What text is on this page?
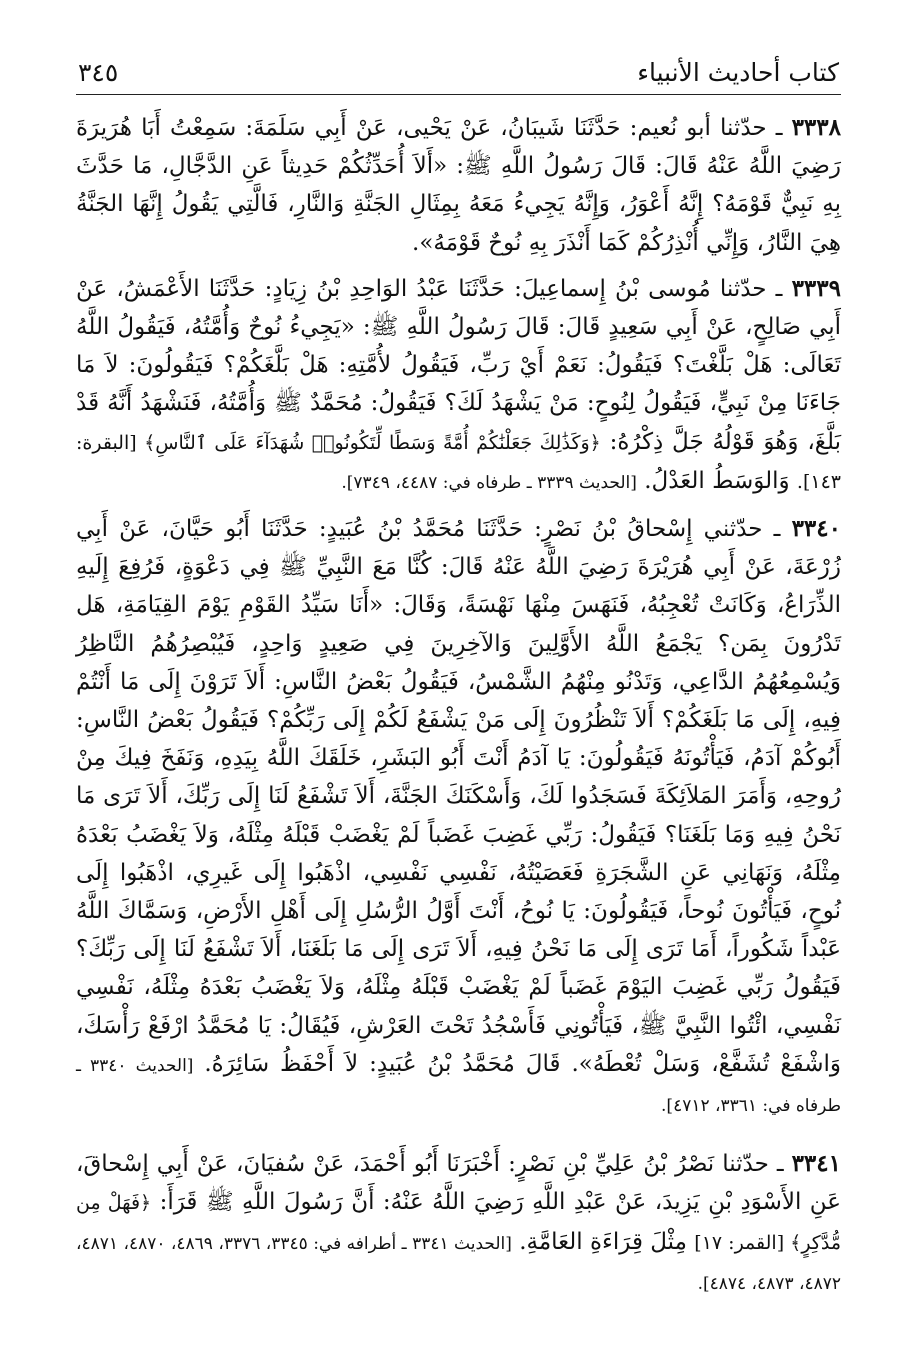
كتاب أحاديث الأنبياء
٣٤٥

٣٣٣٨ ـ حدّثنا أبو نُعيم: حَدَّثَنَا شَيبَانُ، عَنْ يَحْيى، عَنْ أَبِي سَلَمَةَ: سَمِعْتُ أَبَا هُرَيرَةَ رَضِيَ اللَّهُ عَنْهُ قَالَ: قَالَ رَسُولُ اللَّهِ ﷺ: «أَلاَ أُحَدِّثُكُمْ حَدِيثاً عَنِ الدَّجَّالِ، مَا حَدَّثَ بِهِ نَبِيٌّ قَوْمَهُ؟ إِنَّهُ أَعْوَرُ، وَإِنَّهُ يَجِيءُ مَعَهُ بِمِثَالِ الجَنَّةِ وَالنَّارِ، فَالَّتِي يَقُولُ إِنَّهَا الجَنَّةُ هِيَ النَّارُ، وَإِنِّي أُنْذِرُكُمْ كَمَا أَنْذَرَ بِهِ نُوحٌ قَوْمَهُ».

٣٣٣٩ ـ حدّثنا مُوسى بْنُ إِسماعِيلَ: حَدَّثَنَا عَبْدُ الوَاحِدِ بْنُ زِيَادٍ: حَدَّثَنَا الأَعْمَشُ، عَنْ أَبِي صَالِحٍ، عَنْ أَبِي سَعِيدٍ قَالَ: قَالَ رَسُولُ اللَّهِ ﷺ: «يَجِيءُ نُوحٌ وَأُمَّتُهُ، فَيَقُولُ اللَّهُ تَعَالَى: هَلْ بَلَّغْتَ؟ فَيَقُولُ: نَعَمْ أَيْ رَبِّ، فَيَقُولُ لأُمَّتِهِ: هَلْ بَلَّغَكُمْ؟ فَيَقُولُونَ: لاَ مَا جَاءَنَا مِنْ نَبِيٍّ، فَيَقُولُ لِنُوحٍ: مَنْ يَشْهَدُ لَكَ؟ فَيَقُولُ: مُحَمَّدٌ ﷺ وَأُمَّتُهُ، فَنَشْهَدُ أَنَّهُ قَدْ بَلَّغَ، وَهُوَ قَوْلُهُ جَلَّ ذِكْرُهُ: ﴿وَكَذَٰلِكَ جَعَلْنَٰكُمْ أُمَّةً وَسَطًا لِّتَكُونُوا۟ شُهَدَآءَ عَلَى ٱلنَّاسِ﴾ [البقرة: ١٤٣]. وَالوَسَطُ العَدْلُ. [الحديث ٣٣٣٩ ـ طرفاه في: ٤٤٨٧، ٧٣٤٩].

٣٣٤٠ ـ حدّثني إِسْحاقُ بْنُ نَصْرٍ: حَدَّثَنَا مُحَمَّدُ بْنُ عُبَيدٍ: حَدَّثَنَا أَبُو حَيَّانَ، عَنْ أَبِي زُرْعَةَ، عَنْ أَبِي هُرَيْرَةَ رَضِيَ اللَّهُ عَنْهُ قَالَ: كُنَّا مَعَ النَّبِيِّ ﷺ فِي دَعْوَةٍ، فَرُفِعَ إِلَيهِ الذِّرَاعُ، وَكَانَتْ تُعْجِبُهُ، فَنَهَسَ مِنْهَا نَهْسَةً، وَقَالَ: «أَنَا سَيِّدُ القَوْمِ يَوْمَ القِيَامَةِ، هَل تَدْرُونَ بِمَن؟ يَجْمَعُ اللَّهُ الأَوَّلِينَ وَالآخِرِينَ فِي صَعِيدٍ وَاحِدٍ، فَيُبْصِرُهُمُ النَّاظِرُ وَيُسْمِعُهُمُ الدَّاعِي، وَتَدْنُو مِنْهُمُ الشَّمْسُ، فَيَقُولُ بَعْضُ النَّاسِ: أَلاَ تَرَوْنَ إِلَى مَا أَنْتُمْ فِيهِ، إِلَى مَا بَلَغَكُمْ؟ أَلاَ تَنْظُرُونَ إِلَى مَنْ يَشْفَعُ لَكُمْ إِلَى رَبِّكُمْ؟ فَيَقُولُ بَعْضُ النَّاسِ: أَبُوكُمْ آدَمُ، فَيَأْتُونَهُ فَيَقُولُونَ: يَا آدَمُ أَنْتَ أَبُو البَشَرِ، خَلَقَكَ اللَّهُ بِيَدِهِ، وَنَفَخَ فِيكَ مِنْ رُوحِهِ، وَأَمَرَ المَلاَئِكَةَ فَسَجَدُوا لَكَ، وَأَسْكَنَكَ الجَنَّةَ، أَلاَ تَشْفَعُ لَنَا إِلَى رَبِّكَ، أَلاَ تَرَى مَا نَحْنُ فِيهِ وَمَا بَلَغَنَا؟ فَيَقُولُ: رَبِّي غَضِبَ غَضَباً لَمْ يَغْضَبْ قَبْلَهُ مِثْلَهُ، وَلاَ يَغْضَبُ بَعْدَهُ مِثْلَهُ، وَنَهَانِي عَنِ الشَّجَرَةِ فَعَصَيْتُهُ، نَفْسِي نَفْسِي، اذْهَبُوا إِلَى غَيرِي، اذْهَبُوا إِلَى نُوحٍ، فَيَأْتُونَ نُوحاً، فَيَقُولُونَ: يَا نُوحُ، أَنْتَ أَوَّلُ الرُّسُلِ إِلَى أَهْلِ الأَرْضِ، وَسَمَّاكَ اللَّهُ عَبْداً شَكُوراً، أَمَا تَرَى إِلَى مَا نَحْنُ فِيهِ، أَلاَ تَرَى إِلَى مَا بَلَغَنَا، أَلاَ تَشْفَعُ لَنَا إِلَى رَبِّكَ؟ فَيَقُولُ رَبِّي غَضِبَ اليَوْمَ غَضَباً لَمْ يَغْضَبْ قَبْلَهُ مِثْلَهُ، وَلاَ يَغْضَبُ بَعْدَهُ مِثْلَهُ، نَفْسِي نَفْسِي، ائْتُوا النَّبِيَّ ﷺ، فَيَأْتُونِي فَأَسْجُدُ تَحْتَ العَرْشِ، فَيُقَالُ: يَا مُحَمَّدُ ارْفَعْ رَأْسَكَ، وَاشْفَعْ تُشَفَّعْ، وَسَلْ تُعْطَهُ». قَالَ مُحَمَّدُ بْنُ عُبَيدٍ: لاَ أَحْفَظُ سَائِرَهُ. [الحديث ٣٣٤٠ ـ طرفاه في: ٣٣٦١، ٤٧١٢].

٣٣٤١ ـ حدّثنا نَصْرُ بْنُ عَلِيِّ بْنِ نَصْرٍ: أَخْبَرَنَا أَبُو أَحْمَدَ، عَنْ سُفيَانَ، عَنْ أَبِي إِسْحاقَ، عَنِ الأَسْوَدِ بْنِ يَزِيدَ، عَنْ عَبْدِ اللَّهِ رَضِيَ اللَّهُ عَنْهُ: أَنَّ رَسُولَ اللَّهِ ﷺ قَرَأَ: ﴿فَهَلْ مِن مُّدَّكِرٍ﴾ [القمر: ١٧] مِثْلَ قِرَاءَةِ العَامَّةِ. [الحديث ٣٣٤١ ـ أطرافه في: ٣٣٤٥، ٣٣٧٦، ٤٨٦٩، ٤٨٧٠، ٤٨٧١، ٤٨٧٢، ٤٨٧٣، ٤٨٧٤].
